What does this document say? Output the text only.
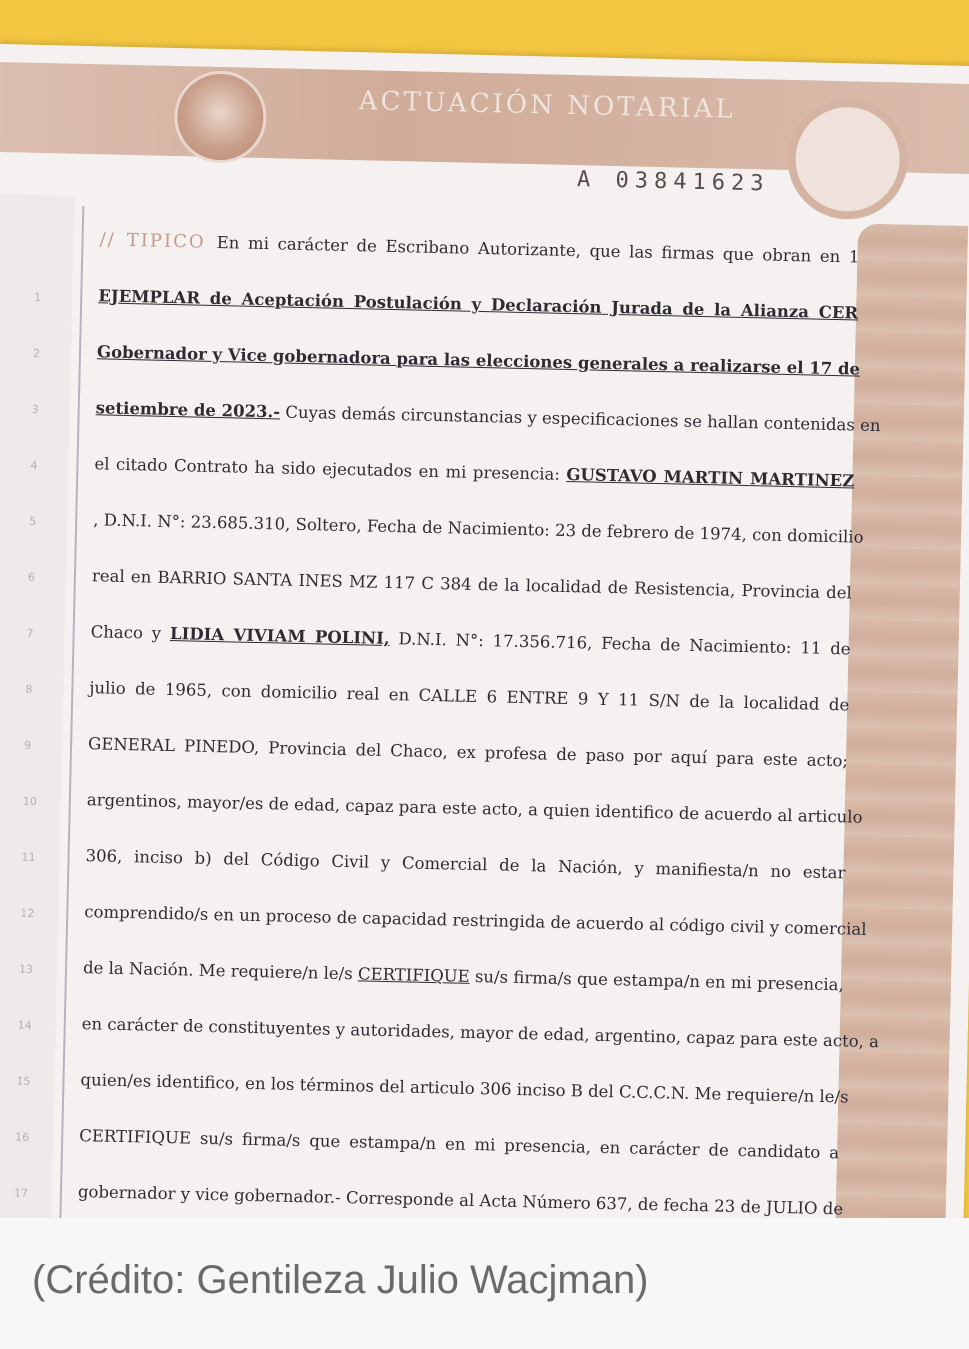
ACTUACIÓN NOTARIAL
A 03841623
1
2
3
4
5
6
7
8
9
10
11
12
13
14
15
16
17
// TIPICO En mi carácter de Escribano Autorizante, que las firmas que obran en 1
EJEMPLAR de Aceptación Postulación y Declaración Jurada de la Alianza CER
Gobernador y Vice gobernadora para las elecciones generales a realizarse el 17 de
setiembre de 2023.- Cuyas demás circunstancias y especificaciones se hallan contenidas en
el citado Contrato ha sido ejecutados en mi presencia: GUSTAVO MARTIN MARTINEZ
, D.N.I. N°: 23.685.310, Soltero, Fecha de Nacimiento: 23 de febrero de 1974, con domicilio
real en BARRIO SANTA INES MZ 117 C 384 de la localidad de Resistencia, Provincia del
Chaco y LIDIA VIVIAM POLINI, D.N.I. N°: 17.356.716, Fecha de Nacimiento: 11 de
julio de 1965, con domicilio real en CALLE 6 ENTRE 9 Y 11 S/N de la localidad de
GENERAL PINEDO, Provincia del Chaco, ex profesa de paso por aquí para este acto;
argentinos, mayor/es de edad, capaz para este acto, a quien identifico de acuerdo al articulo
306, inciso b) del Código Civil y Comercial de la Nación, y manifiesta/n no estar
comprendido/s en un proceso de capacidad restringida de acuerdo al código civil y comercial
de la Nación. Me requiere/n le/s CERTIFIQUE su/s firma/s que estampa/n en mi presencia,
en carácter de constituyentes y autoridades, mayor de edad, argentino, capaz para este acto, a
quien/es identifico, en los términos del articulo 306 inciso B del C.C.C.N. Me requiere/n le/s
CERTIFIQUE su/s firma/s que estampa/n en mi presencia, en carácter de candidato a
gobernador y vice gobernador.- Corresponde al Acta Número 637, de fecha 23 de JULIO de
(Crédito: Gentileza Julio Wacjman)
